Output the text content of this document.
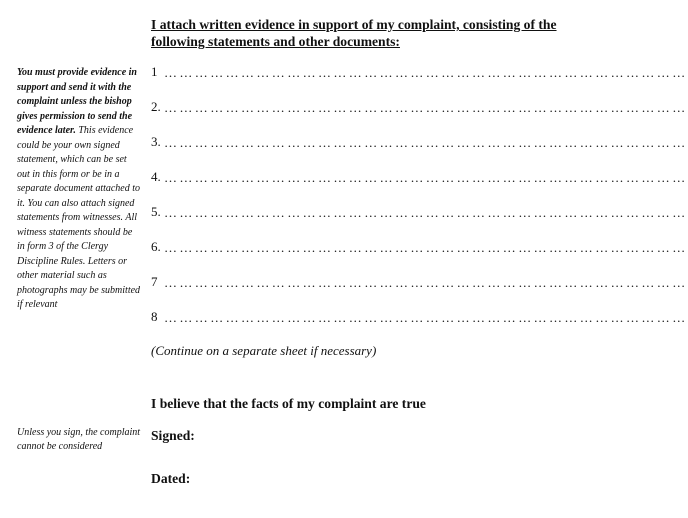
I attach written evidence in support of my complaint, consisting of the
following statements and other documents:
You must provide evidence in support and send it with the complaint unless the bishop gives permission to send the evidence later. This evidence could be your own signed statement, which can be set out in this form or be in a separate document attached to it. You can also attach signed statements from witnesses. All witness statements should be in form 3 of the Clergy Discipline Rules. Letters or other material such as photographs may be submitted if relevant
1 …………………………………………………………………………………………
2. …………………………………………………………………………………………
3. …………………………………………………………………………………………
4. …………………………………………………………………………………………
5. …………………………………………………………………………………………
6. …………………………………………………………………………………………
7 …………………………………………………………………………………………
8 …………………………………………………………………………………………
(Continue on a separate sheet if necessary)
I believe that the facts of my complaint are true
Unless you sign, the complaint cannot be considered
Signed:
Dated:
